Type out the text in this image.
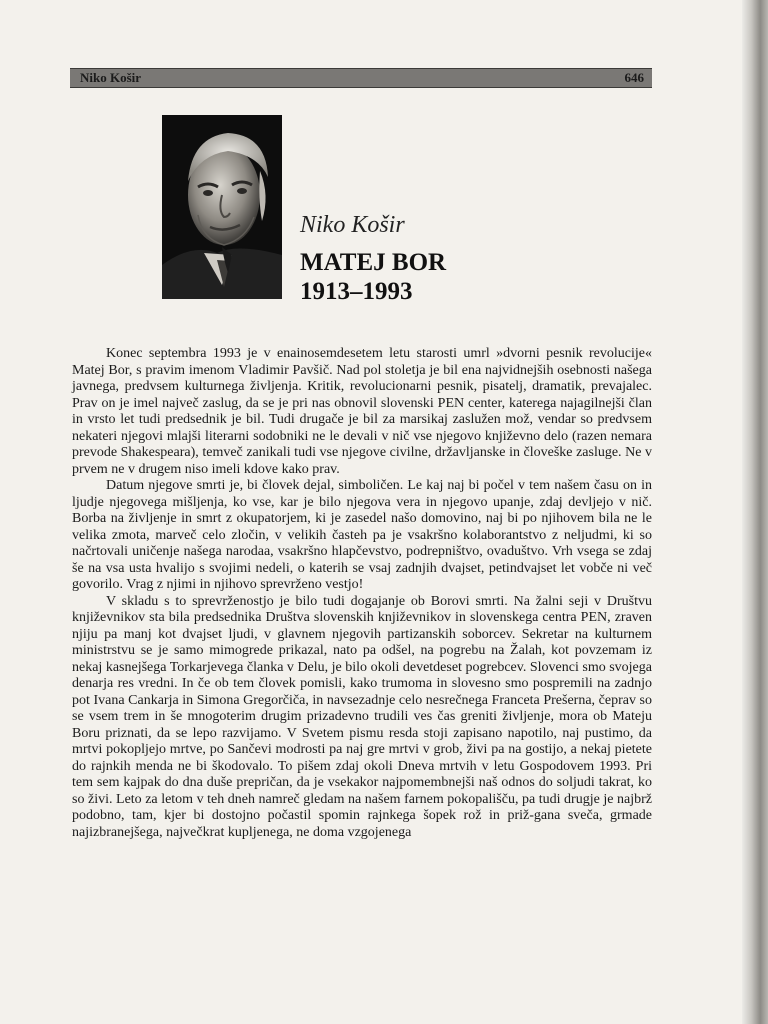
Niko Košir	646
Niko Košir
MATEJ BOR
1913–1993

Konec septembra 1993 je v enainosemdesetem letu starosti umrl »dvorni pesnik revolucije« Matej Bor, s pravim imenom Vladimir Pavšič. Nad pol stoletja je bil ena najvidnejših osebnosti našega javnega, predvsem kulturnega življenja. Kritik, revolucionarni pesnik, pisatelj, dramatik, prevajalec. Prav on je imel največ zaslug, da se je pri nas obnovil slovenski PEN center, katerega najagilnejši član in vrsto let tudi predsednik je bil. Tudi drugače je bil za marsikaj zaslužen mož, vendar so predvsem nekateri njegovi mlajši literarni sodobniki ne le devali v nič vse njegovo književno delo (razen nemara prevode Shakespeara), temveč zanikali tudi vse njegove civilne, državljanske in človeške zasluge. Ne v prvem ne v drugem niso imeli kdove kako prav.

Datum njegove smrti je, bi človek dejal, simboličen. Le kaj naj bi počel v tem našem času on in ljudje njegovega mišljenja, ko vse, kar je bilo njegova vera in njegovo upanje, zdaj devljejo v nič. Borba na življenje in smrt z okupatorjem, ki je zasedel našo domovino, naj bi po njihovem bila ne le velika zmota, marveč celo zločin, v velikih časteh pa je vsakršno kolaborantstvo z neljudmi, ki so načrtovali uničenje našega narodaa, vsakršno hlapčevstvo, podrepništvo, ovaduštvo. Vrh vsega se zdaj še na vsa usta hvalijo s svojimi nedeli, o katerih se vsaj zadnjih dvajset, petindvajset let vobče ni več govorilo. Vrag z njimi in njihovo sprevrženo vestjo!

V skladu s to sprevrženostjo je bilo tudi dogajanje ob Borovi smrti. Na žalni seji v Društvu književnikov sta bila predsednika Društva slovenskih književnikov in slovenskega centra PEN, zraven njiju pa manj kot dvajset ljudi, v glavnem njegovih partizanskih soborcev. Sekretar na kulturnem ministrstvu se je samo mimogrede prikazal, nato pa odšel, na pogrebu na Žalah, kot povzemam iz nekaj kasnejšega Torkarjevega članka v Delu, je bilo okoli devetdeset pogrebcev. Slovenci smo svojega denarja res vredni. In če ob tem človek pomisli, kako trumoma in slovesno smo pospremili na zadnjo pot Ivana Cankarja in Simona Gregorčiča, in navsezadnje celo nesrečnega Franceta Prešerna, čeprav so se vsem trem in še mnogoterim drugim prizadevno trudili ves čas greniti življenje, mora ob Mateju Boru priznati, da se lepo razvijamo. V Svetem pismu resda stoji zapisano napotilo, naj pustimo, da mrtvi pokopljejo mrtve, po Sančevi modrosti pa naj gre mrtvi v grob, živi pa na gostijo, a nekaj pietete do rajnkih menda ne bi škodovalo. To pišem zdaj okoli Dneva mrtvih v letu Gospodovem 1993. Pri tem sem kajpak do dna duše prepričan, da je vsekakor najpomembnejši naš odnos do soljudi takrat, ko so živi. Leto za letom v teh dneh namreč gledam na našem farnem pokopališču, pa tudi drugje je najbrž podobno, tam, kjer bi dostojno počastil spomin rajnkega šopek rož in priž-gana sveča, grmade najizbranejšega, največkrat kupljenega, ne doma vzgojenega
